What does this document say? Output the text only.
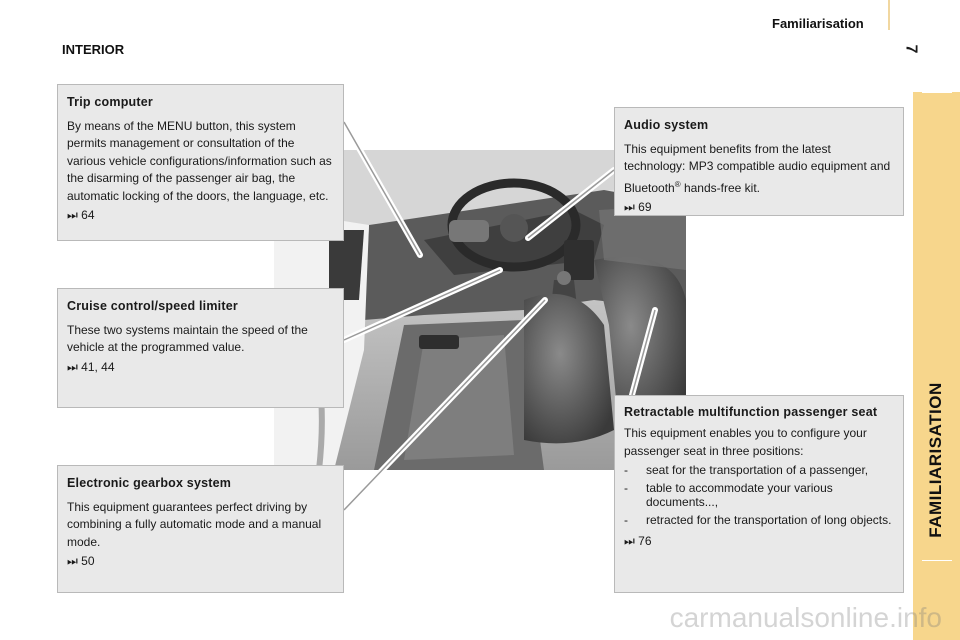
Familiarisation
INTERIOR	7
FAMILIARISATION
Trip computer

By means of the MENU button, this system permits management or consultation of the various vehicle configurations/information such as the disarming of the passenger air bag, the automatic locking of the doors, the language, etc.

⏭ 64

Cruise control/speed limiter

These two systems maintain the speed of the vehicle at the programmed value.

⏭ 41, 44

Electronic gearbox system

This equipment guarantees perfect driving by combining a fully automatic mode and a manual mode.

⏭ 50

Audio system

This equipment benefits from the latest technology: MP3 compatible audio equipment and Bluetooth® hands-free kit.

⏭ 69

Retractable multifunction passenger seat

This equipment enables you to configure your passenger seat in three positions:

-	seat for the transportation of a passenger,
-	table to accommodate your various documents...,
-	retracted for the transportation of long objects.

⏭ 76

carmanualsonline.info
